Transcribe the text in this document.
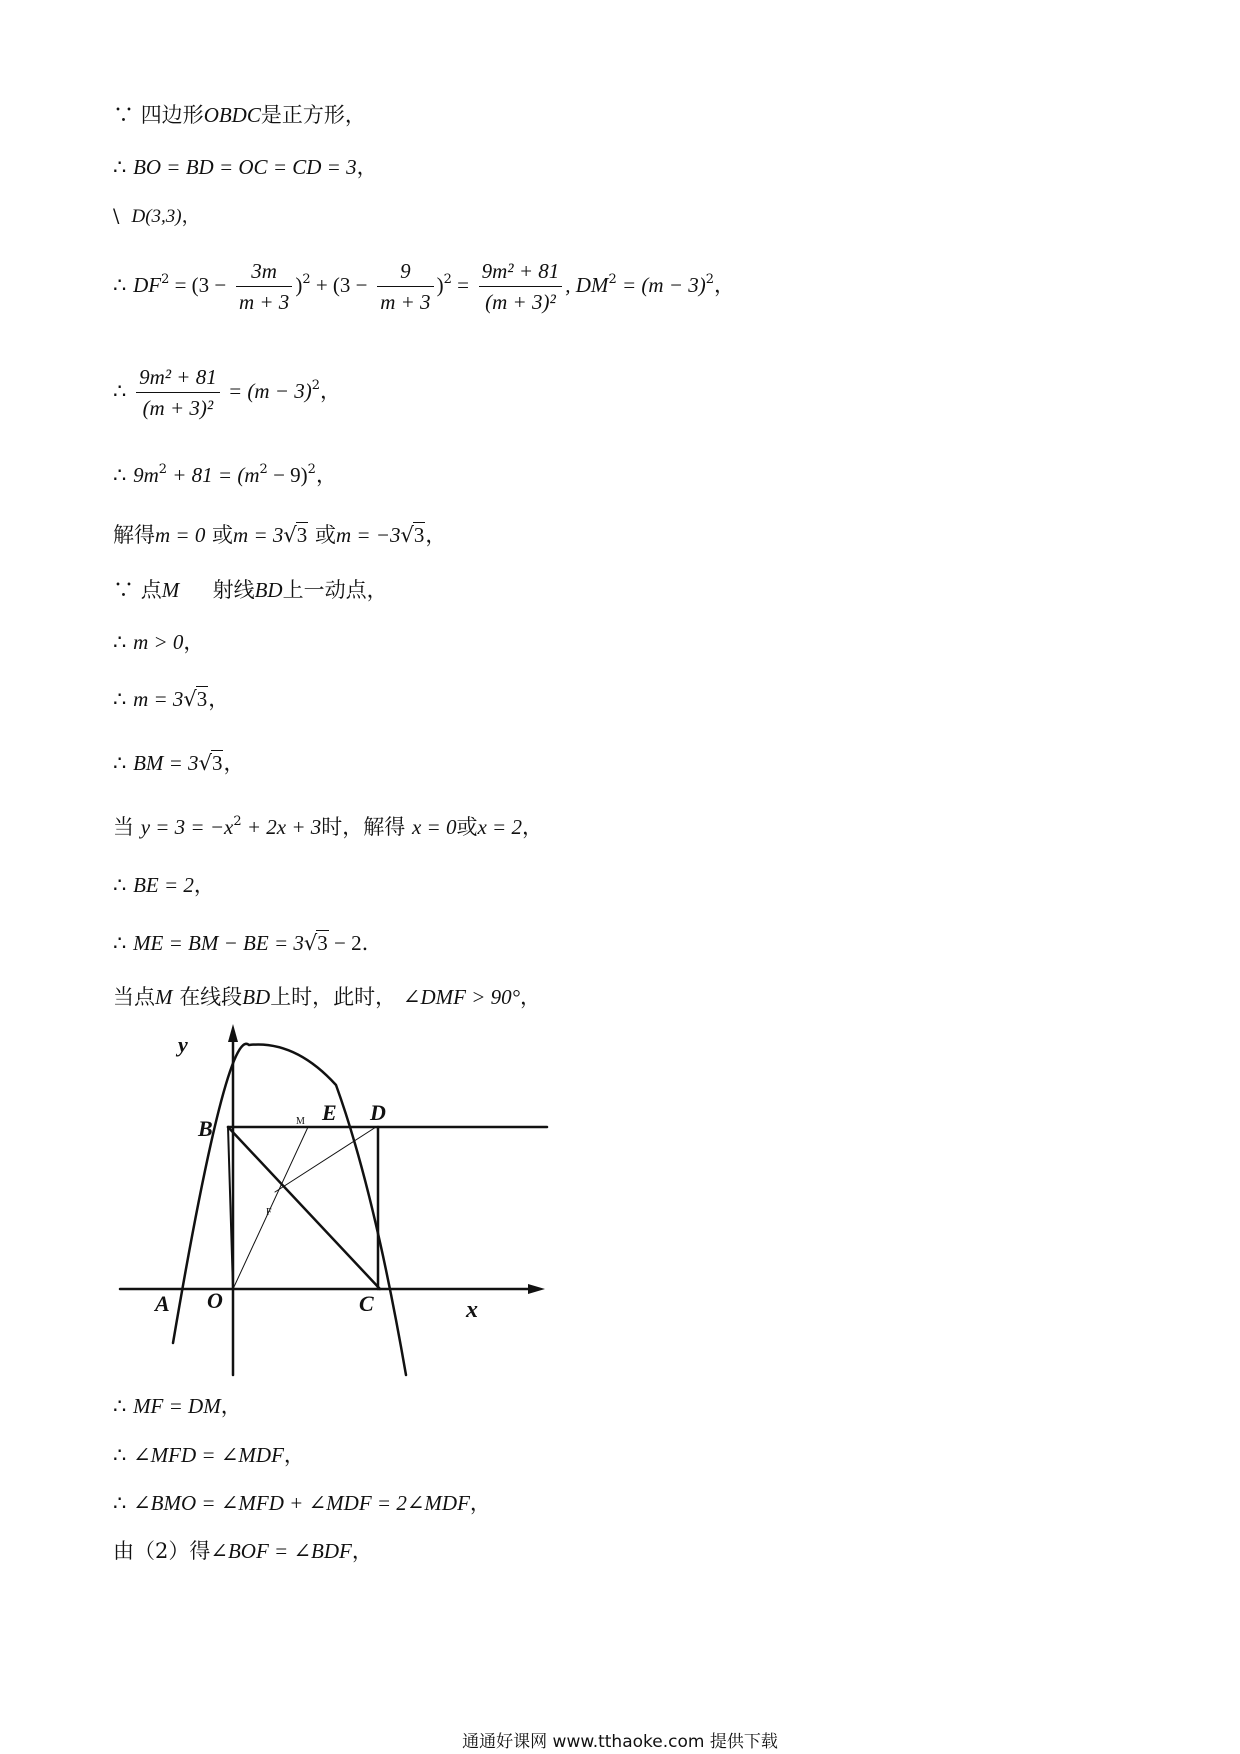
∵ 四边形OBDC是正方形，
∴ BO = BD = OC = CD = 3，
\ D(3,3)，
∴ $DF^2 = (3 - \frac{3m}{m + 3} )^2 + (3 - \frac{9}{m + 3} )^2 = \frac{\text{9m² + 81}}{\text{(m + 3)²}}$ , $DM^2 = (m - 3)^2$，
∴ $\frac{\text{9m² + 81}}{\text{(m + 3)²}} = (m - 3)^2$，
∴ $9m^2 + 81 = (m^2 - 9)^2$，
解得m = 0 或m = 3√3 或m = −3√3，
∵ 点M 射线BD上一动点，
∴ m > 0，
∴ m = 3√3，
∴ BM = 3√3，
当 $y = 3 = -x^2 + 2x + 3$时，解得 x = 0或x = 2，
∴ BE = 2，
∴ ME = BM − BE = 3√3 − 2.
当点M 在线段BD上时，此时， ∠DMF > 90°，
y
x
B
E D
A O	C
M
F
∴ MF = DM，
∴ ∠MFD = ∠MDF，
∴ ∠BMO = ∠MFD + ∠MDF = 2∠MDF，
由（2）得∠BOF = ∠BDF，
通通好课网 www.tthaoke.com 提供下载
